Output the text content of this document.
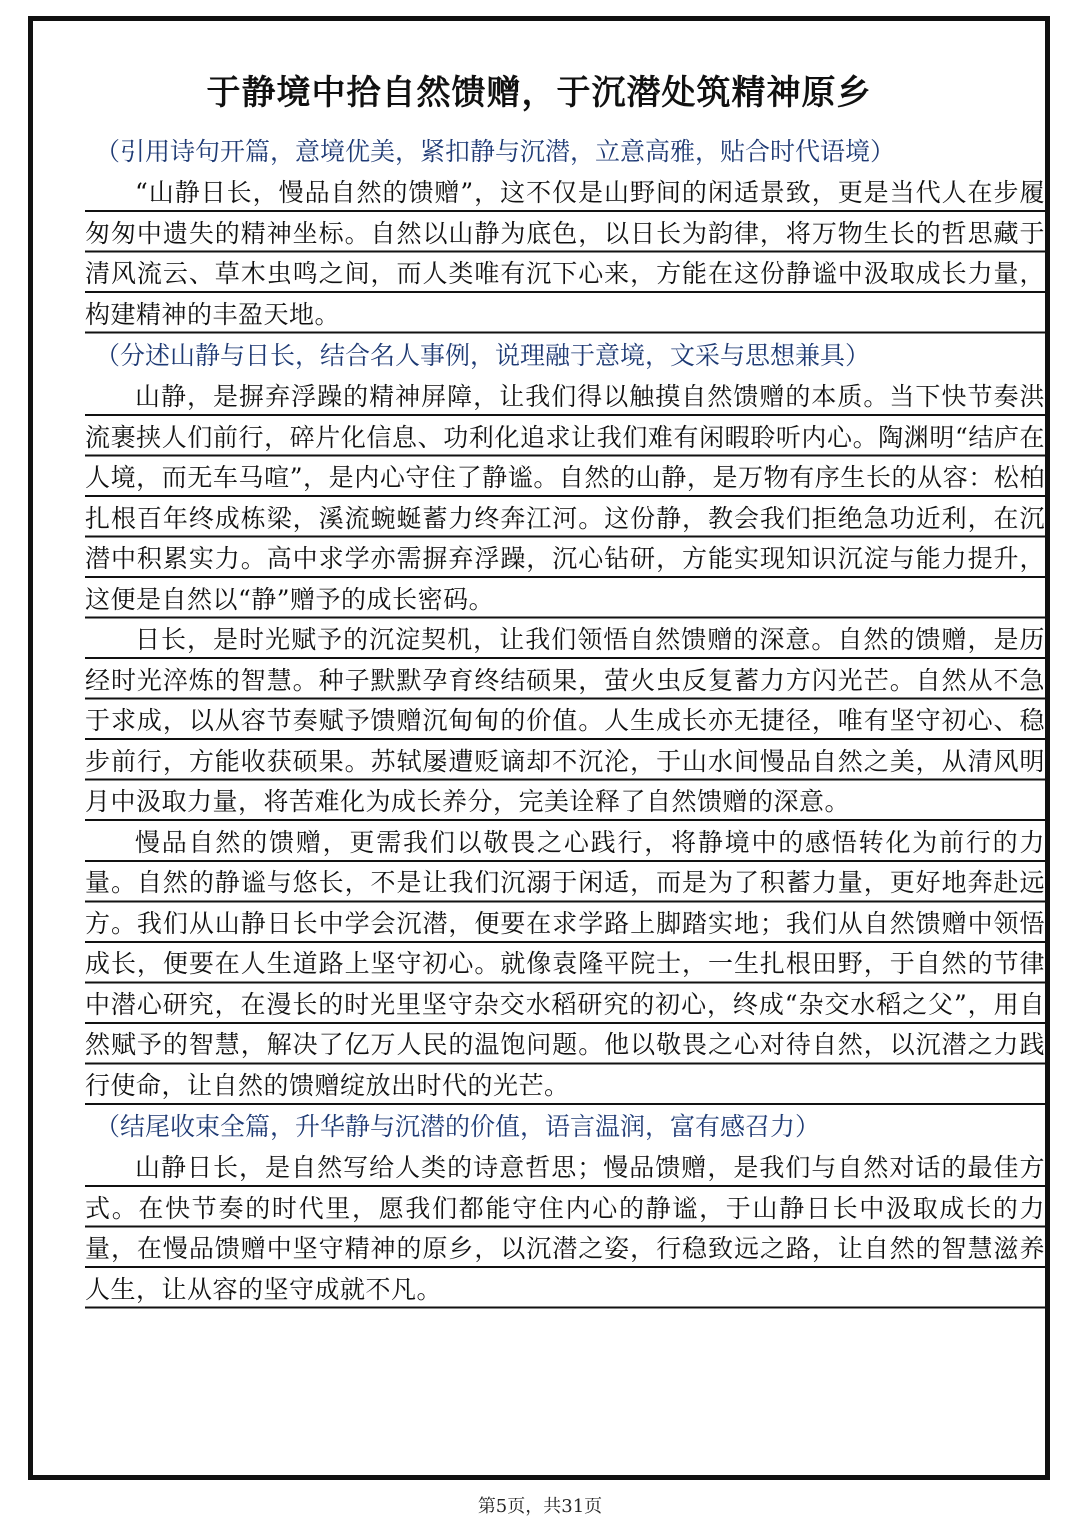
于静境中拾自然馈赠，于沉潜处筑精神原乡
（引用诗句开篇，意境优美，紧扣静与沉潜，立意高雅，贴合时代语境）
“山静日长，慢品自然的馈赠”，这不仅是山野间的闲适景致，更是当代人在步履匆匆中遗失的精神坐标。自然以山静为底色，以日长为韵律，将万物生长的哲思藏于清风流云、草木虫鸣之间，而人类唯有沉下心来，方能在这份静谧中汲取成长力量，构建精神的丰盈天地。
（分述山静与日长，结合名人事例，说理融于意境，文采与思想兼具）
山静，是摒弃浮躁的精神屏障，让我们得以触摸自然馈赠的本质。当下快节奏洪流裹挟人们前行，碎片化信息、功利化追求让我们难有闲暇聆听内心。陶渊明“结庐在人境，而无车马喧”，是内心守住了静谧。自然的山静，是万物有序生长的从容：松柏扎根百年终成栋梁，溪流蜿蜒蓄力终奔江河。这份静，教会我们拒绝急功近利，在沉潜中积累实力。高中求学亦需摒弃浮躁，沉心钻研，方能实现知识沉淀与能力提升，这便是自然以“静”赠予的成长密码。
日长，是时光赋予的沉淀契机，让我们领悟自然馈赠的深意。自然的馈赠，是历经时光淬炼的智慧。种子默默孕育终结硕果，萤火虫反复蓄力方闪光芒。自然从不急于求成，以从容节奏赋予馈赠沉甸甸的价值。人生成长亦无捷径，唯有坚守初心、稳步前行，方能收获硕果。苏轼屡遭贬谪却不沉沦，于山水间慢品自然之美，从清风明月中汲取力量，将苦难化为成长养分，完美诠释了自然馈赠的深意。
慢品自然的馈赠，更需我们以敬畏之心践行，将静境中的感悟转化为前行的力量。自然的静谧与悠长，不是让我们沉溺于闲适，而是为了积蓄力量，更好地奔赴远方。我们从山静日长中学会沉潜，便要在求学路上脚踏实地；我们从自然馈赠中领悟成长，便要在人生道路上坚守初心。就像袁隆平院士，一生扎根田野，于自然的节律中潜心研究，在漫长的时光里坚守杂交水稻研究的初心，终成“杂交水稻之父”，用自然赋予的智慧，解决了亿万人民的温饱问题。他以敬畏之心对待自然，以沉潜之力践行使命，让自然的馈赠绽放出时代的光芒。
（结尾收束全篇，升华静与沉潜的价值，语言温润，富有感召力）
山静日长，是自然写给人类的诗意哲思；慢品馈赠，是我们与自然对话的最佳方式。在快节奏的时代里，愿我们都能守住内心的静谧，于山静日长中汲取成长的力量，在慢品馈赠中坚守精神的原乡，以沉潜之姿，行稳致远之路，让自然的智慧滋养人生，让从容的坚守成就不凡。
第5页，共31页
